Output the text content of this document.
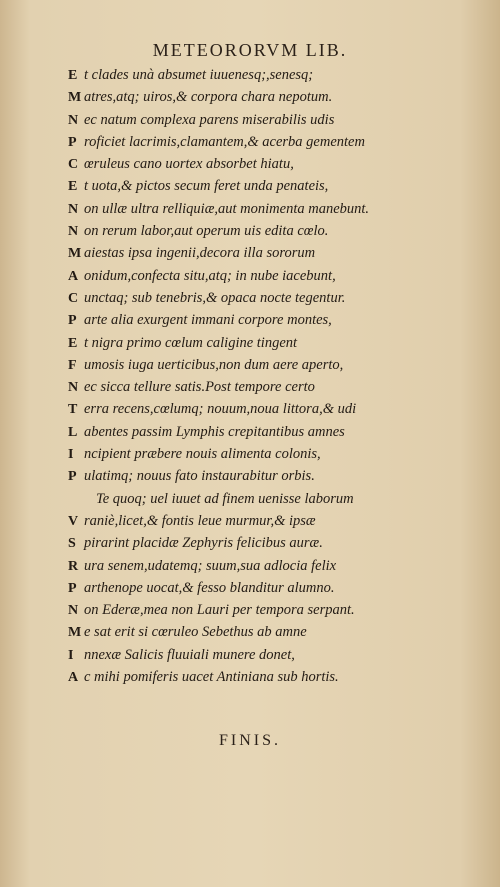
METEORORVM LIB.
E t clades unà absumet iuuenesq;,senesq;
M atres,atq; uiros,& corpora chara nepotum.
N ec natum complexa parens miserabilis udis
P roficiet lacrimis,clamantem,& acerba gementem
C œruleus cano uortex absorbet hiatu,
E t uota,& pictos secum feret unda penateis,
N on ullæ ultra relliquiæ,aut monimenta manebunt.
N on rerum labor,aut operum uis edita cœlo.
M aiestas ipsa ingenii,decora illa sororum
A onidum,confecta situ,atq; in nube iacebunt,
C unctaq; sub tenebris,& opaca nocte tegentur.
P arte alia exurgent immani corpore montes,
E t nigra primo cœlum caligine tingent
F umosis iuga uerticibus,non dum aere aperto,
N ec sicca tellure satis.Post tempore certo
T erra recens,cœlumq; nouum,noua littora,& udi
L abentes passim Lymphis crepitantibus amnes
I ncipient præbere nouis alimenta colonis,
P ulatimq; nouus fato instaurabitur orbis.
Te quoq; uel iuuet ad finem uenisse laborum
V raniè,licet,& fontis leue murmur,& ipsæ
S pirarint placidæ Zephyris felicibus auræ.
R ura senem,udatemq; suum,sua adlocia felix
P arthenope uocat,& fesso blanditur alumno.
N on Ederæ,mea non Lauri per tempora serpant.
M e sat erit si cœruleo Sebethus ab amne
I nnexæ Salicis fluuiali munere donet,
A c mihi pomiferis uacet Antiniana sub hortis.
FINIS.
